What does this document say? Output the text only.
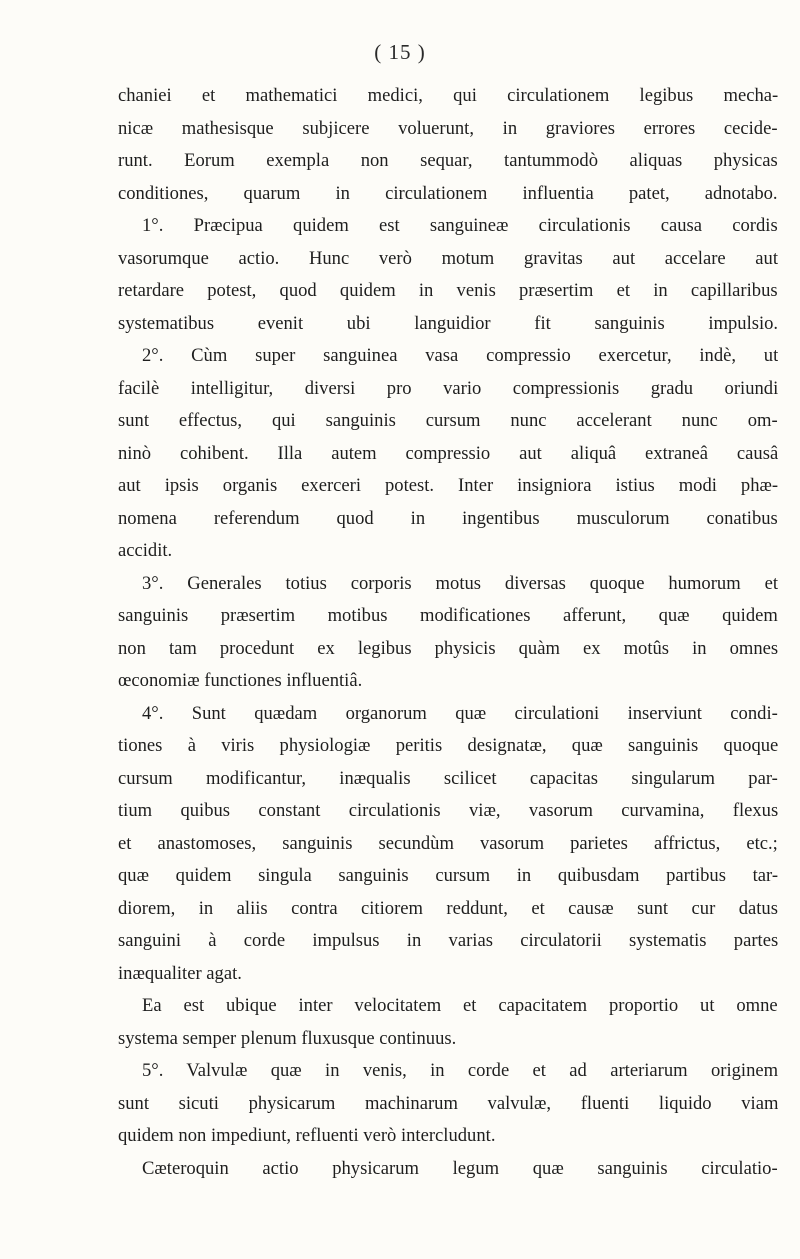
( 15 )
chaniei et mathematici medici, qui circulationem legibus mecha-
nicæ mathesisque subjicere voluerunt, in graviores errores cecide-
runt. Eorum exempla non sequar, tantummodò aliquas physicas
conditiones, quarum in circulationem influentia patet, adnotabo.
1°. Præcipua quidem est sanguineæ circulationis causa cordis
vasorumque actio. Hunc verò motum gravitas aut accelare aut
retardare potest, quod quidem in venis præsertim et in capillaribus
systematibus evenit ubi languidior fit sanguinis impulsio.
2°. Cùm super sanguinea vasa compressio exercetur, indè, ut
facilè intelligitur, diversi pro vario compressionis gradu oriundi
sunt effectus, qui sanguinis cursum nunc accelerant nunc om-
ninò cohibent. Illa autem compressio aut aliquâ extraneâ causâ
aut ipsis organis exerceri potest. Inter insigniora istius modi phæ-
nomena referendum quod in ingentibus musculorum conatibus
accidit.
3°. Generales totius corporis motus diversas quoque humorum et
sanguinis præsertim motibus modificationes afferunt, quæ quidem
non tam procedunt ex legibus physicis quàm ex motûs in omnes
œconomiæ functiones influentiâ.
4°. Sunt quædam organorum quæ circulationi inserviunt condi-
tiones à viris physiologiæ peritis designatæ, quæ sanguinis quoque
cursum modificantur, inæqualis scilicet capacitas singularum par-
tium quibus constant circulationis viæ, vasorum curvamina, flexus
et anastomoses, sanguinis secundùm vasorum parietes affrictus, etc.;
quæ quidem singula sanguinis cursum in quibusdam partibus tar-
diorem, in aliis contra citiorem reddunt, et causæ sunt cur datus
sanguini à corde impulsus in varias circulatorii systematis partes
inæqualiter agat.
Ea est ubique inter velocitatem et capacitatem proportio ut omne
systema semper plenum fluxusque continuus.
5°. Valvulæ quæ in venis, in corde et ad arteriarum originem
sunt sicuti physicarum machinarum valvulæ, fluenti liquido viam
quidem non impediunt, refluenti verò intercludunt.
Cæteroquin actio physicarum legum quæ sanguinis circulatio-
